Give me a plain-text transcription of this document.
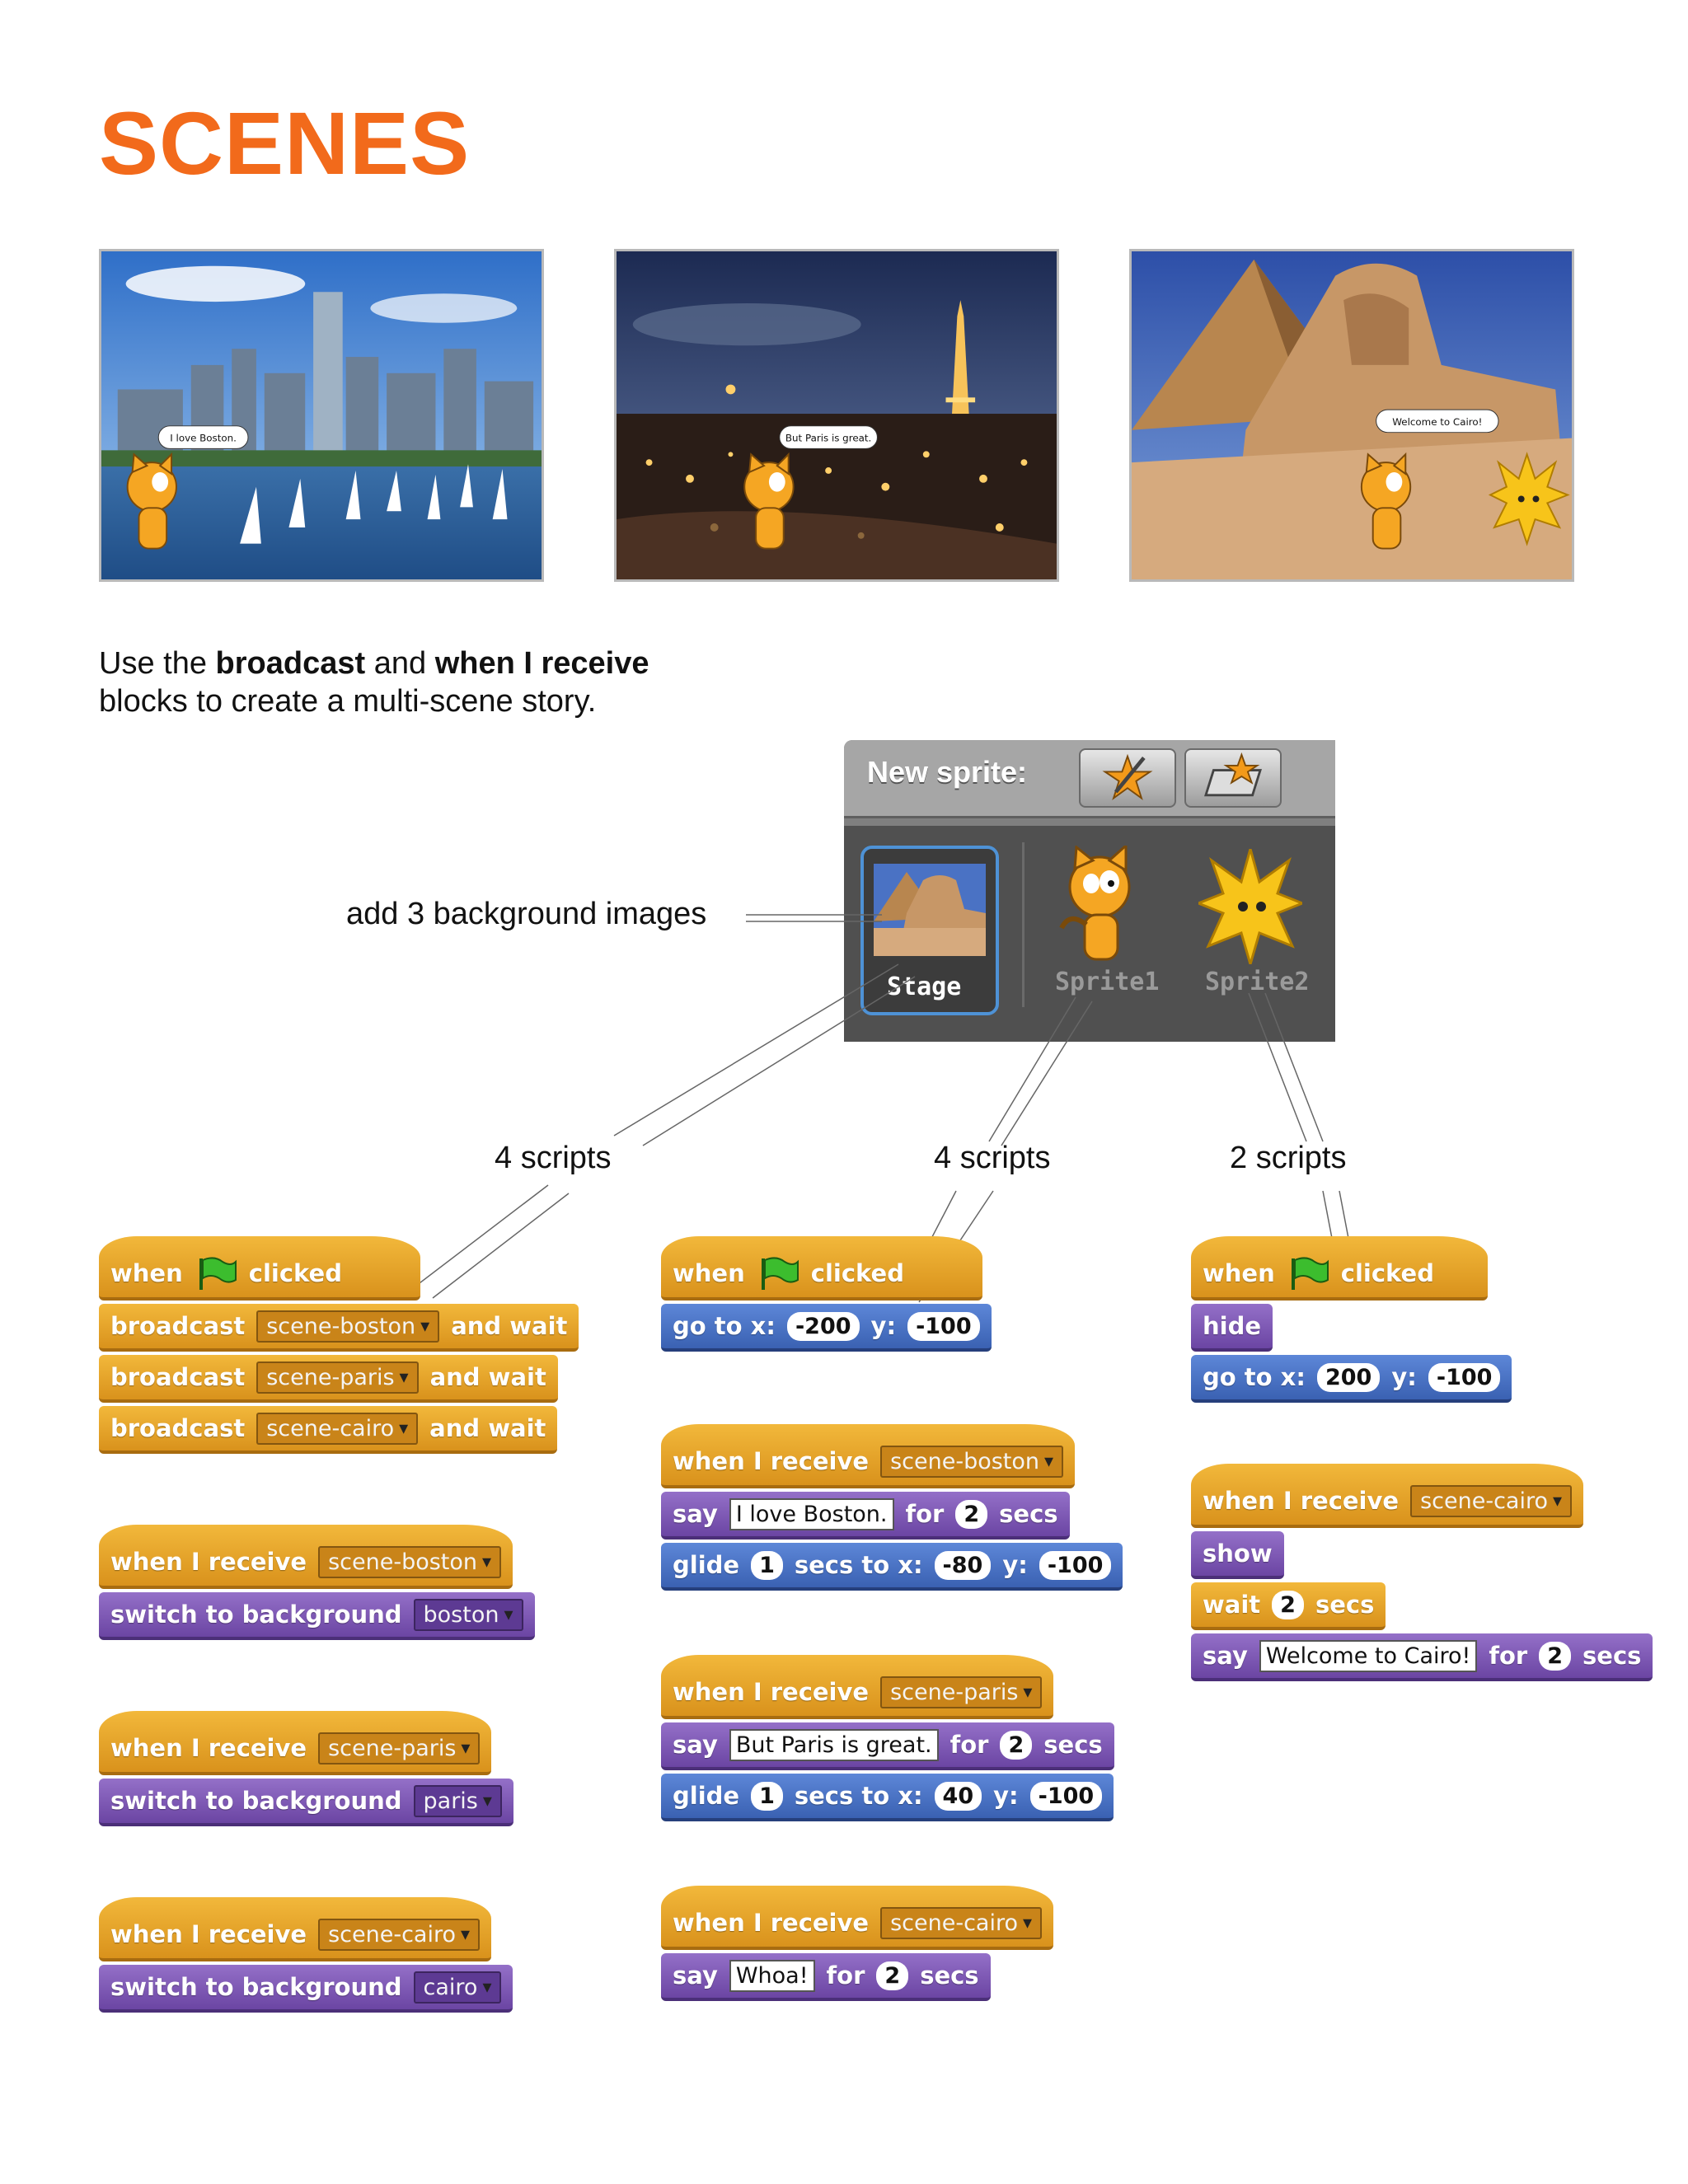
SCENES
I love Boston.	But Paris is great.
Welcome to Cairo!
Use the broadcast and when I receive
blocks to create a multi-scene story.
New sprite:
Stage	Sprite1 Sprite2
add 3 background images
4 scripts	4 scripts	2 scripts
when	clicked
broadcast scene-boston ▾	and wait
broadcast scene-paris ▾	and wait
broadcast scene-cairo ▾	and wait
when I receive scene-boston ▾
switch to background boston ▾
when I receive scene-paris ▾
switch to background paris ▾
when I receive scene-cairo ▾
switch to background cairo ▾
when	clicked
go to x: -200 y: -100
when I receive scene-boston ▾
say I love Boston. for 2 secs
glide 1 secs to x: -80 y: -100
when I receive scene-paris ▾
say But Paris is great. for 2 secs
glide 1 secs to x: 40 y: -100
when I receive scene-cairo ▾
say Whoa! for 2 secs
when	clicked
hide
go to x: 200 y: -100
when I receive scene-cairo ▾
show
wait 2 secs
say Welcome to Cairo! for 2 secs
